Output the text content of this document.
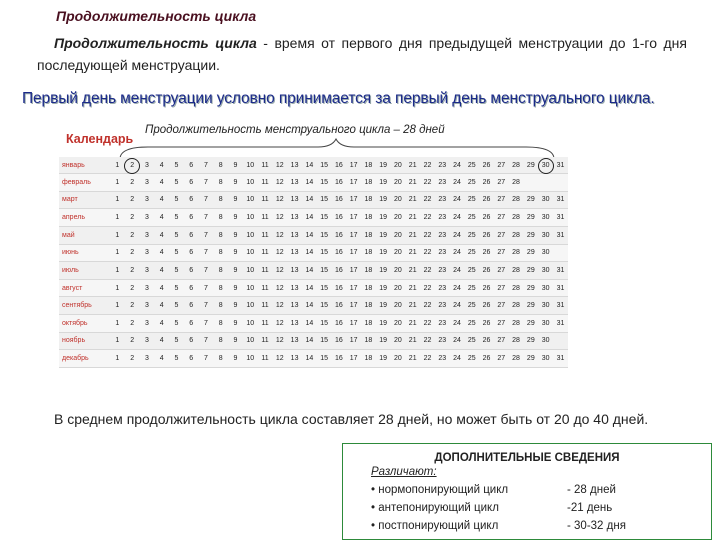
Продолжительность цикла
Продолжительность цикла - время от первого дня предыдущей менструации до 1-го дня последующей менструации.
Первый день менструации условно принимается за первый день менструального цикла.
Календарь
Продолжительность менструального цикла – 28 дней
январь	1	2	3	4	5	6	7	8	9	10	11	12	13	14	15	16	17	18	19	20	21	22	23	24	25	26	27	28	29	30	31
февраль	1	2	3	4	5	6	7	8	9	10	11	12	13	14	15	16	17	18	19	20	21	22	23	24	25	26	27	28			
март	1	2	3	4	5	6	7	8	9	10	11	12	13	14	15	16	17	18	19	20	21	22	23	24	25	26	27	28	29	30	31
апрель	1	2	3	4	5	6	7	8	9	10	11	12	13	14	15	16	17	18	19	20	21	22	23	24	25	26	27	28	29	30	31
май	1	2	3	4	5	6	7	8	9	10	11	12	13	14	15	16	17	18	19	20	21	22	23	24	25	26	27	28	29	30	31
июнь	1	2	3	4	5	6	7	8	9	10	11	12	13	14	15	16	17	18	19	20	21	22	23	24	25	26	27	28	29	30	
июль	1	2	3	4	5	6	7	8	9	10	11	12	13	14	15	16	17	18	19	20	21	22	23	24	25	26	27	28	29	30	31
август	1	2	3	4	5	6	7	8	9	10	11	12	13	14	15	16	17	18	19	20	21	22	23	24	25	26	27	28	29	30	31
сентябрь	1	2	3	4	5	6	7	8	9	10	11	12	13	14	15	16	17	18	19	20	21	22	23	24	25	26	27	28	29	30	31
октябрь	1	2	3	4	5	6	7	8	9	10	11	12	13	14	15	16	17	18	19	20	21	22	23	24	25	26	27	28	29	30	31
ноябрь	1	2	3	4	5	6	7	8	9	10	11	12	13	14	15	16	17	18	19	20	21	22	23	24	25	26	27	28	29	30	
декабрь	1	2	3	4	5	6	7	8	9	10	11	12	13	14	15	16	17	18	19	20	21	22	23	24	25	26	27	28	29	30	31
В среднем продолжительность цикла составляет 28 дней, но может быть от 20 до 40 дней.
ДОПОЛНИТЕЛЬНЫЕ СВЕДЕНИЯ
Различают:
• нормопонирующий цикл	- 28 дней
• антепонирующий цикл	-21 день
• постпонирующий цикл	- 30-32 дня
